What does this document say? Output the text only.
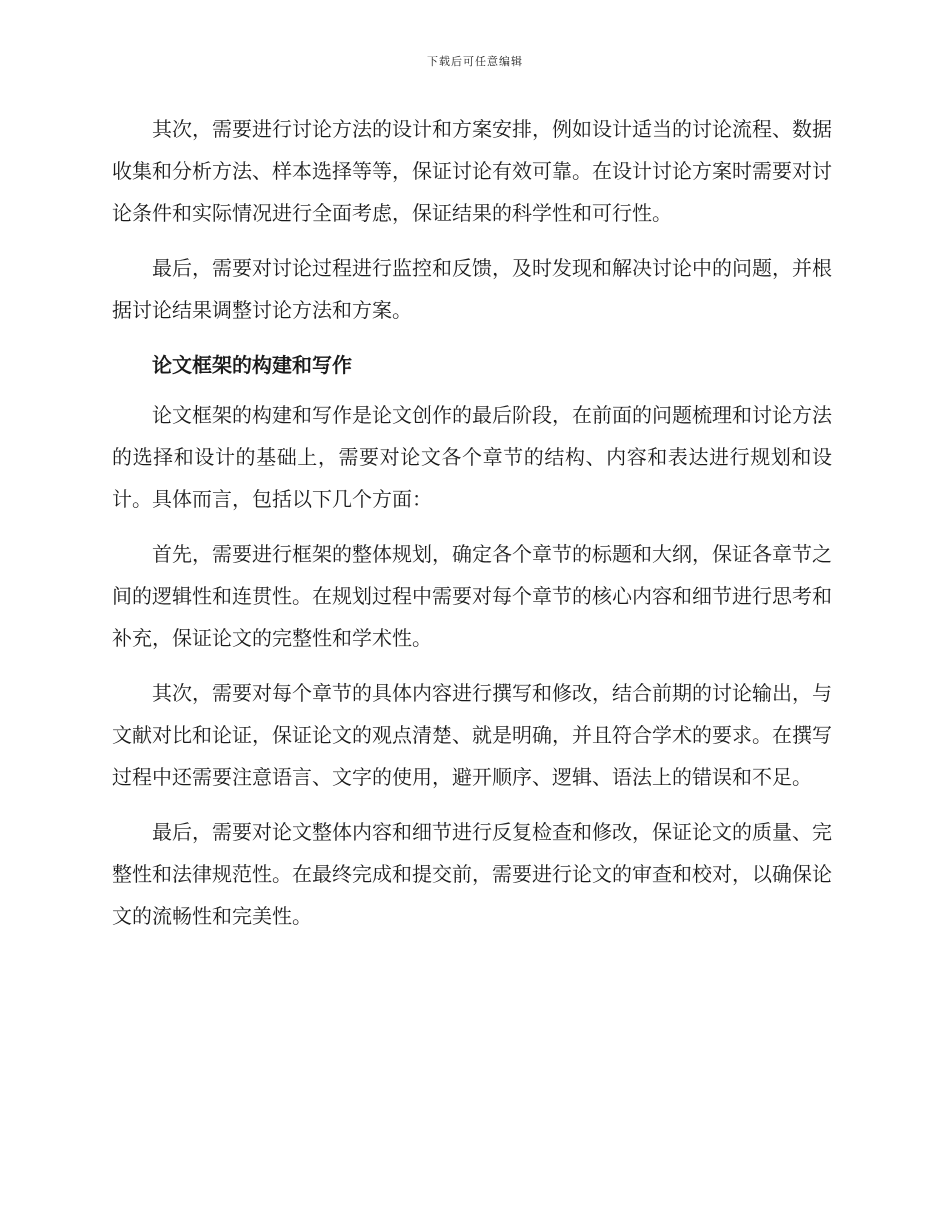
下载后可任意编辑

其次，需要进行讨论方法的设计和方案安排，例如设计适当的讨论流程、数据收集和分析方法、样本选择等等，保证讨论有效可靠。在设计讨论方案时需要对讨论条件和实际情况进行全面考虑，保证结果的科学性和可行性。

最后，需要对讨论过程进行监控和反馈，及时发现和解决讨论中的问题，并根据讨论结果调整讨论方法和方案。

论文框架的构建和写作

论文框架的构建和写作是论文创作的最后阶段，在前面的问题梳理和讨论方法的选择和设计的基础上，需要对论文各个章节的结构、内容和表达进行规划和设计。具体而言，包括以下几个方面：

首先，需要进行框架的整体规划，确定各个章节的标题和大纲，保证各章节之间的逻辑性和连贯性。在规划过程中需要对每个章节的核心内容和细节进行思考和补充，保证论文的完整性和学术性。

其次，需要对每个章节的具体内容进行撰写和修改，结合前期的讨论输出，与文献对比和论证，保证论文的观点清楚、就是明确，并且符合学术的要求。在撰写过程中还需要注意语言、文字的使用，避开顺序、逻辑、语法上的错误和不足。

最后，需要对论文整体内容和细节进行反复检查和修改，保证论文的质量、完整性和法律规范性。在最终完成和提交前，需要进行论文的审查和校对，以确保论文的流畅性和完美性。
